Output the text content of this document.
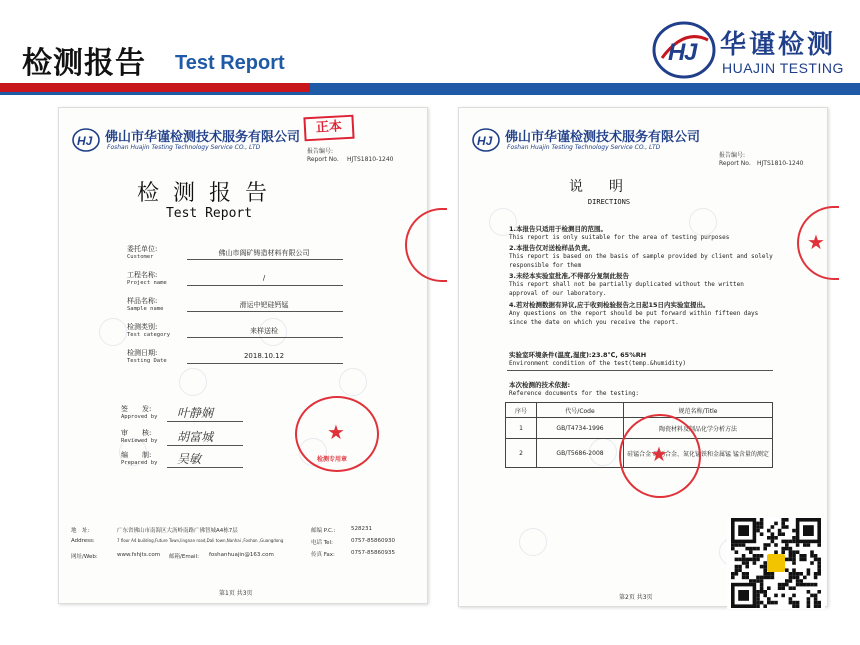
检测报告 Test Report	H
J 华谨检测
HUAJIN TESTING
HJ 佛山市华谨检测技术服务有限公司
Foshan Huajin Testing Technology Service CO., LTD
正本
报告编号:
Report No. HJTS1810-1240
检测报告
Test Report
委托单位:
Customer	佛山市阁矿铸造材料有限公司
工程名称:
Project name
/
样品名称:
Sample name	滑运中钯硅钙锰
检测类别:
Test category	来样送检
检测日期:
Testing Date
2018.10.12
签　　发:
Approved by 叶静娴
审　　核:
Reviewed by 胡富城
编　　制:
Prepared by 吴敏
★
检测专用章
地　址:	广东省佛山市南海区大沥岭南路广佛智城A4栋7层
Address:	7 floor A4 building,Future Town,lingnan road,Dali town,Nanhai ,Foshan ,Guangdong
网址/Web:	www.fshjts.com 邮箱/Email: foshanhuajin@163.com
邮编 P.C.:	528231
电话 Tel:	0757-85860930
传真 Fax:	0757-85860935
第1页 共3页
HJ 佛山市华谨检测技术服务有限公司
Foshan Huajin Testing Technology Service CO., LTD
报告编号:
Report No. HJTS1810-1240
说明
DIRECTIONS
1.本报告只适用于检测目的范围。
This report is only suitable for the area of testing purposes
2.本报告仅对送检样品负责。
This report is based on the basis of sample provided by client and solely
responsible for them
3.未经本实验室批准,不得部分复制此报告
This report shall not be partially duplicated without the written
approval of our laboratory.
4.若对检测数据有异议,应于收到检验报告之日起15日内实验室提出。
Any questions on the report should be put forward within fifteen days
since the date on which you receive the report.
实验室环境条件(温度,湿度):23.8℃, 65%RH
Environment condition of the test(temp.&humidity)
本次检测的技术依据:
Reference documents for the testing:
序号	代号/Code	规范名称/Title
1	GB/T4734-1996	陶瓷材料及制品化学分析方法
2	GB/T5686-2008	硅锰合金 硅钙合金、氮化锰铁和金属锰 锰含量的测定
★
★
第2页 共3页
